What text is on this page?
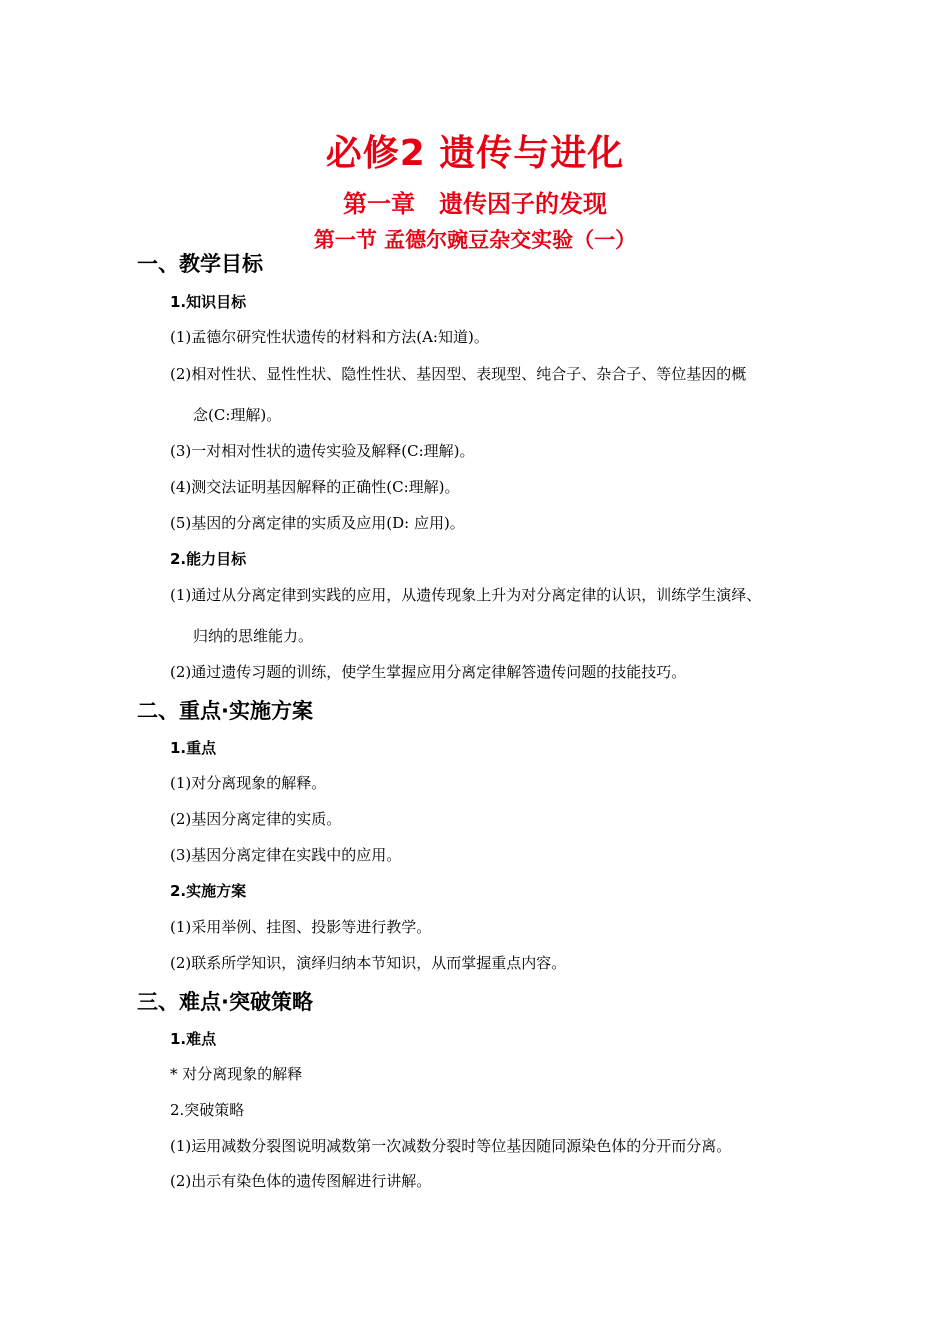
必修2 遗传与进化
第一章　遗传因子的发现
第一节 孟德尔豌豆杂交实验（一）
一、教学目标
1.知识目标
(1)孟德尔研究性状遗传的材料和方法(A:知道)。
(2)相对性状、显性性状、隐性性状、基因型、表现型、纯合子、杂合子、等位基因的概
念(C:理解)。
(3)一对相对性状的遗传实验及解释(C:理解)。
(4)测交法证明基因解释的正确性(C:理解)。
(5)基因的分离定律的实质及应用(D: 应用)。
2.能力目标
(1)通过从分离定律到实践的应用，从遗传现象上升为对分离定律的认识，训练学生演绎、
归纳的思维能力。
(2)通过遗传习题的训练，使学生掌握应用分离定律解答遗传问题的技能技巧。
二、重点·实施方案
1.重点
(1)对分离现象的解释。
(2)基因分离定律的实质。
(3)基因分离定律在实践中的应用。
2.实施方案
(1)采用举例、挂图、投影等进行教学。
(2)联系所学知识，演绎归纳本节知识，从而掌握重点内容。
三、难点·突破策略
1.难点
* 对分离现象的解释
2.突破策略
(1)运用减数分裂图说明减数第一次减数分裂时等位基因随同源染色体的分开而分离。
(2)出示有染色体的遗传图解进行讲解。
